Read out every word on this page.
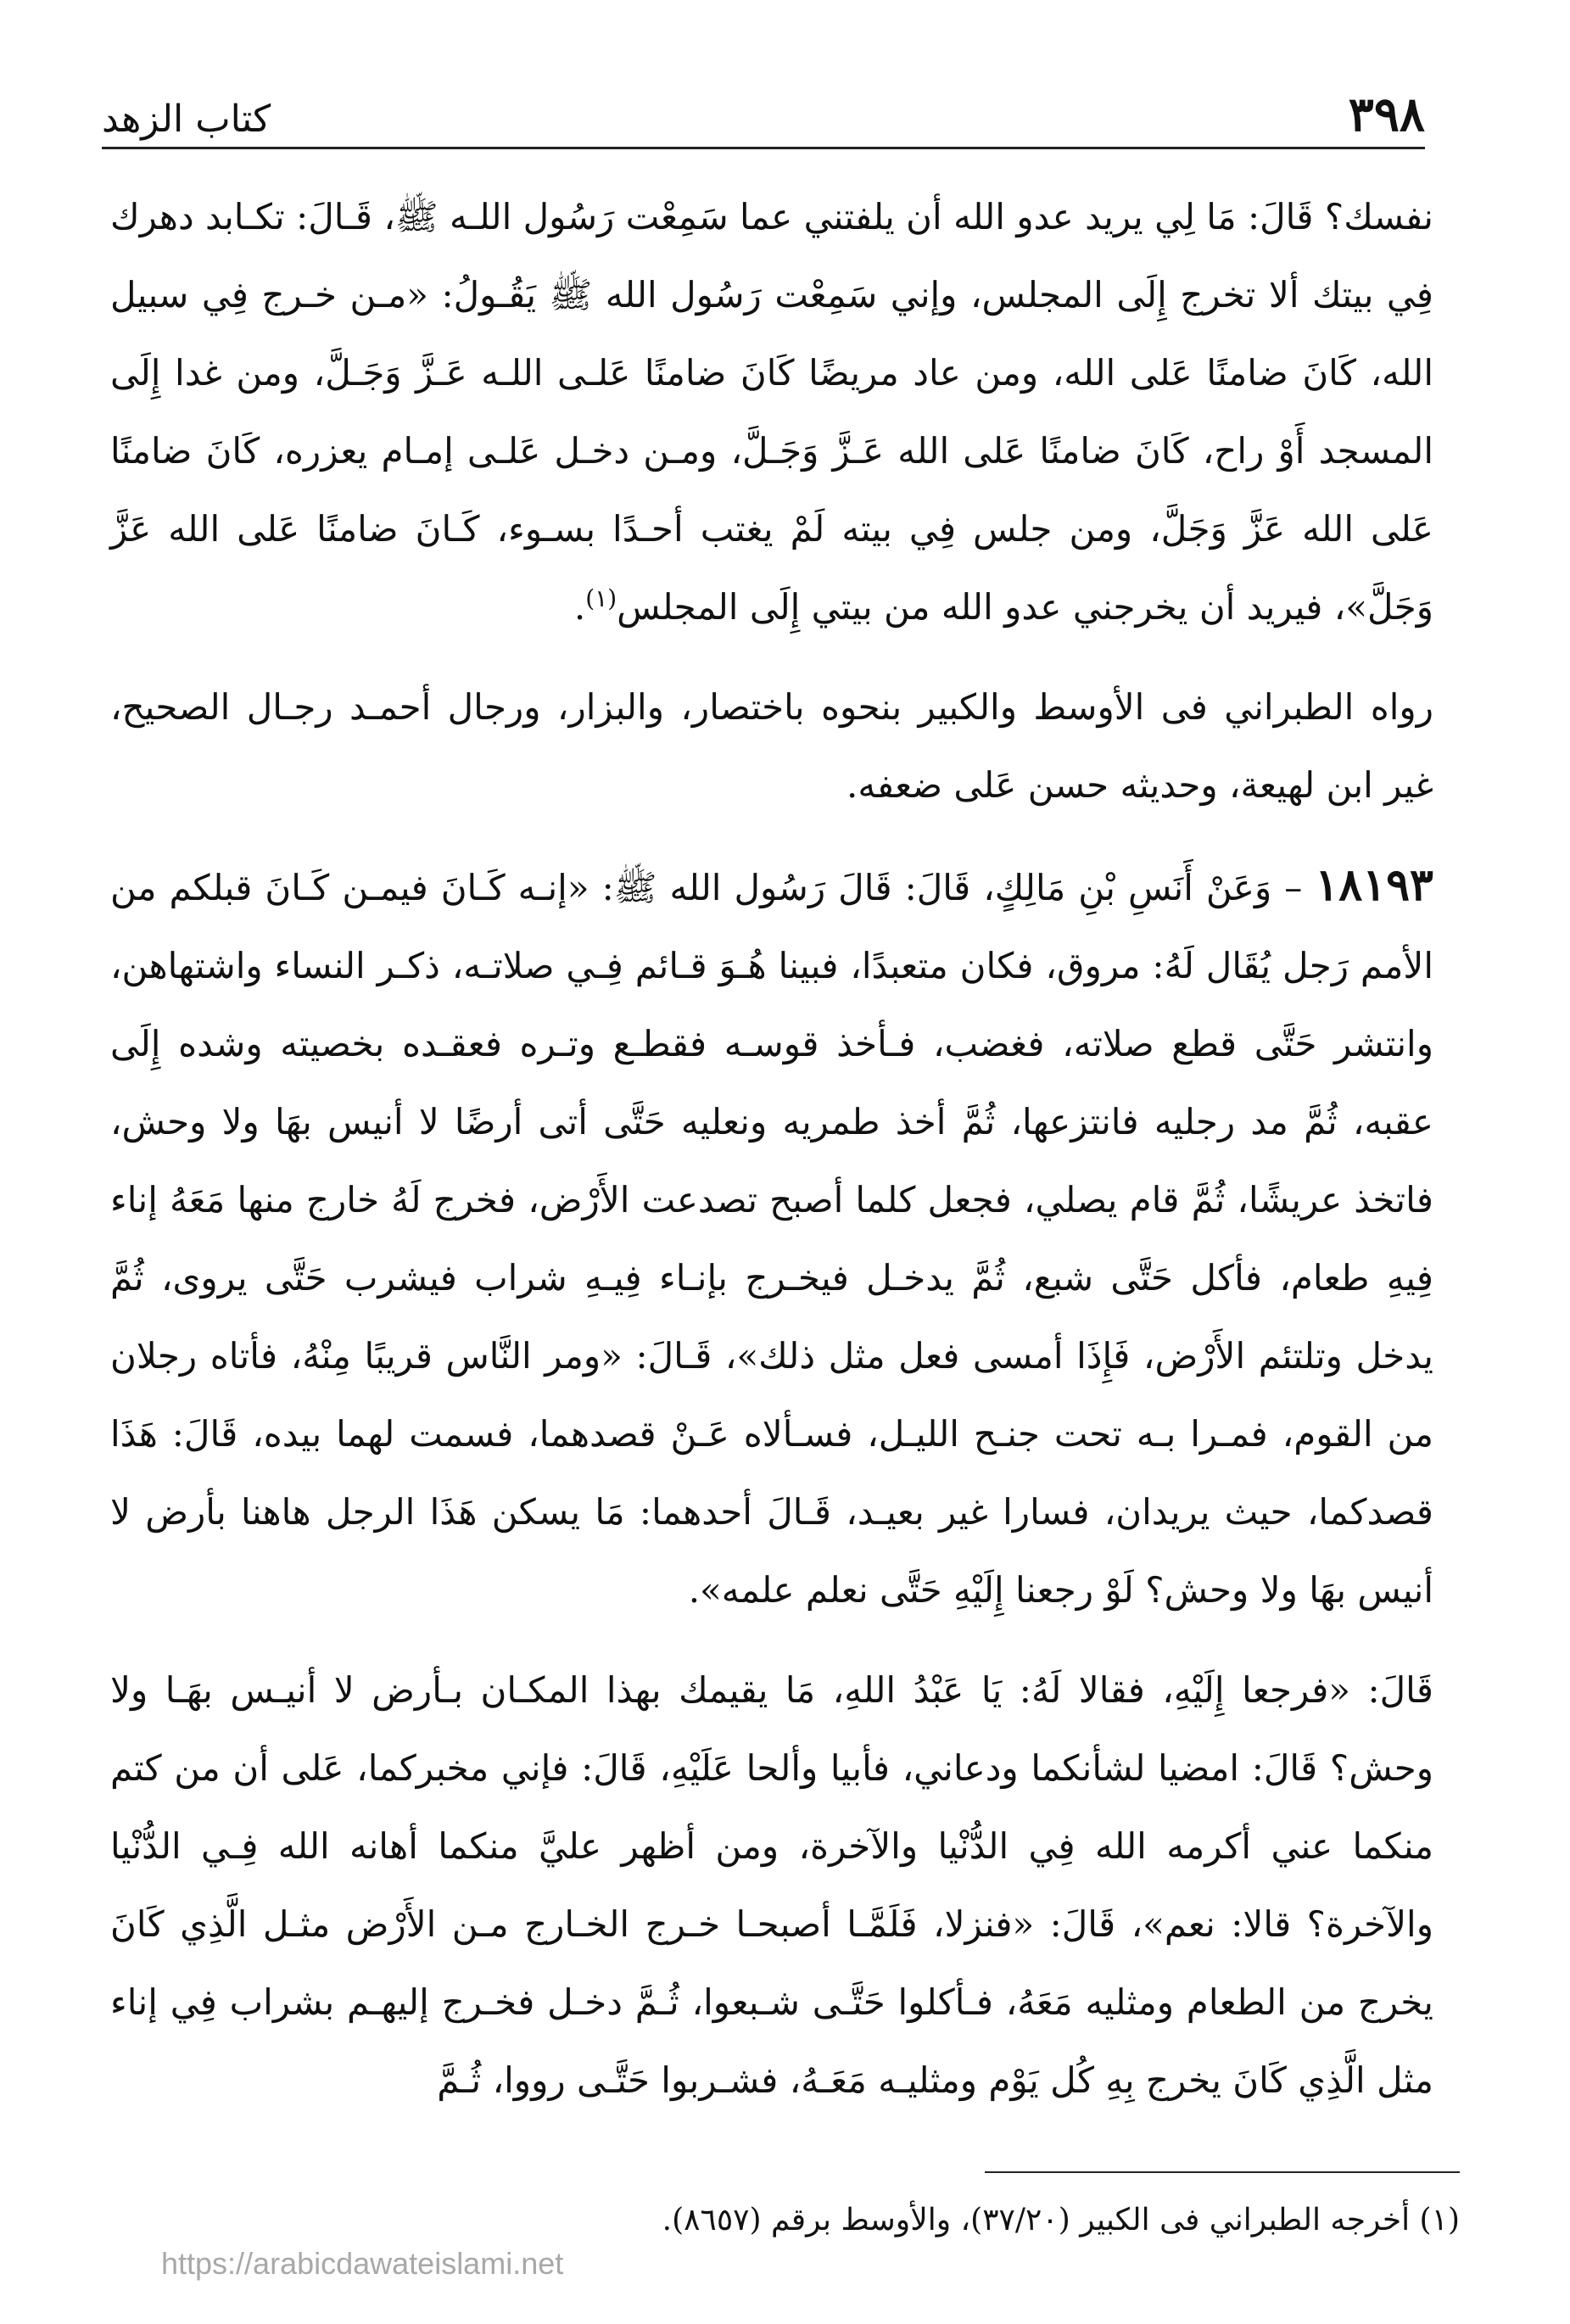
٣٩٨
كتاب الزهد

نفسك؟ قَالَ: مَا لِي يريد عدو الله أن يلفتني عما سَمِعْت رَسُول اللـه ﷺ، قَـالَ: تكـابد دهرك فِي بيتك ألا تخرج إِلَى المجلس، وإني سَمِعْت رَسُول الله ﷺ يَقُـولُ: «مـن خـرج فِي سبيل الله، كَانَ ضامنًا عَلى الله، ومن عاد مريضًا كَانَ ضامنًا عَلـى اللـه عَـزَّ وَجَـلَّ، ومن غدا إِلَى المسجد أَوْ راح، كَانَ ضامنًا عَلى الله عَـزَّ وَجَـلَّ، ومـن دخـل عَلـى إمـام يعزره، كَانَ ضامنًا عَلى الله عَزَّ وَجَلَّ، ومن جلس فِي بيته لَمْ يغتب أحـدًا بسـوء، كَـانَ ضامنًا عَلى الله عَزَّ وَجَلَّ»، فيريد أن يخرجني عدو الله من بيتي إِلَى المجلس$^{(١)}$.

رواه الطبراني فى الأوسط والكبير بنحوه باختصار، والبزار، ورجال أحمـد رجـال الصحيح، غير ابن لهيعة، وحديثه حسن عَلى ضعفه.

١٨١٩٣ – وَعَنْ أَنَسِ بْنِ مَالِكٍ، قَالَ: قَالَ رَسُول الله ﷺ: «إنـه كَـانَ فيمـن كَـانَ قبلكم من الأمم رَجل يُقَال لَهُ: مروق، فكان متعبدًا، فبينا هُـوَ قـائم فِـي صلاتـه، ذكـر النساء واشتهاهن، وانتشر حَتَّى قطع صلاته، فغضب، فـأخذ قوسـه فقطـع وتـره فعقـده بخصيته وشده إِلَى عقبه، ثُمَّ مد رجليه فانتزعها، ثُمَّ أخذ طمريه ونعليه حَتَّى أتى أرضًا لا أنيس بهَا ولا وحش، فاتخذ عريشًا، ثُمَّ قام يصلي، فجعل كلما أصبح تصدعت الأَرْض، فخرج لَهُ خارج منها مَعَهُ إناء فِيهِ طعام، فأكل حَتَّى شبع، ثُمَّ يدخـل فيخـرج بإنـاء فِيـهِ شراب فيشرب حَتَّى يروى، ثُمَّ يدخل وتلتئم الأَرْض، فَإِذَا أمسى فعل مثل ذلك»، قَـالَ: «ومر النَّاس قريبًا مِنْهُ، فأتاه رجلان من القوم، فمـرا بـه تحت جنـح الليـل، فسـألاه عَـنْ قصدهما، فسمت لهما بيده، قَالَ: هَذَا قصدكما، حيث يريدان، فسارا غير بعيـد، قَـالَ أحدهما: مَا يسكن هَذَا الرجل هاهنا بأرض لا أنيس بهَا ولا وحش؟ لَوْ رجعنا إِلَيْهِ حَتَّى نعلم علمه».

قَالَ: «فرجعا إِلَيْهِ، فقالا لَهُ: يَا عَبْدُ اللهِ، مَا يقيمك بهذا المكـان بـأرض لا أنيـس بهَـا ولا وحش؟ قَالَ: امضيا لشأنكما ودعاني، فأبيا وألحا عَلَيْهِ، قَالَ: فإني مخبركما، عَلى أن من كتم منكما عني أكرمه الله فِي الدُّنْيا والآخرة، ومن أظهر عليَّ منكما أهانه الله فِـي الدُّنْيا والآخرة؟ قالا: نعم»، قَالَ: «فنزلا، فَلَمَّـا أصبحـا خـرج الخـارج مـن الأَرْض مثـل الَّذِي كَانَ يخرج من الطعام ومثليه مَعَهُ، فـأكلوا حَتَّـى شـبعوا، ثُـمَّ دخـل فخـرج إليهـم بشراب فِي إناء مثل الَّذِي كَانَ يخرج بِهِ كُل يَوْم ومثليـه مَعَـهُ، فشـربوا حَتَّـى رووا، ثُـمَّ

(١) أخرجه الطبراني فى الكبير (٣٧/٢٠)، والأوسط برقم (٨٦٥٧).
https://arabicdawateislami.net
